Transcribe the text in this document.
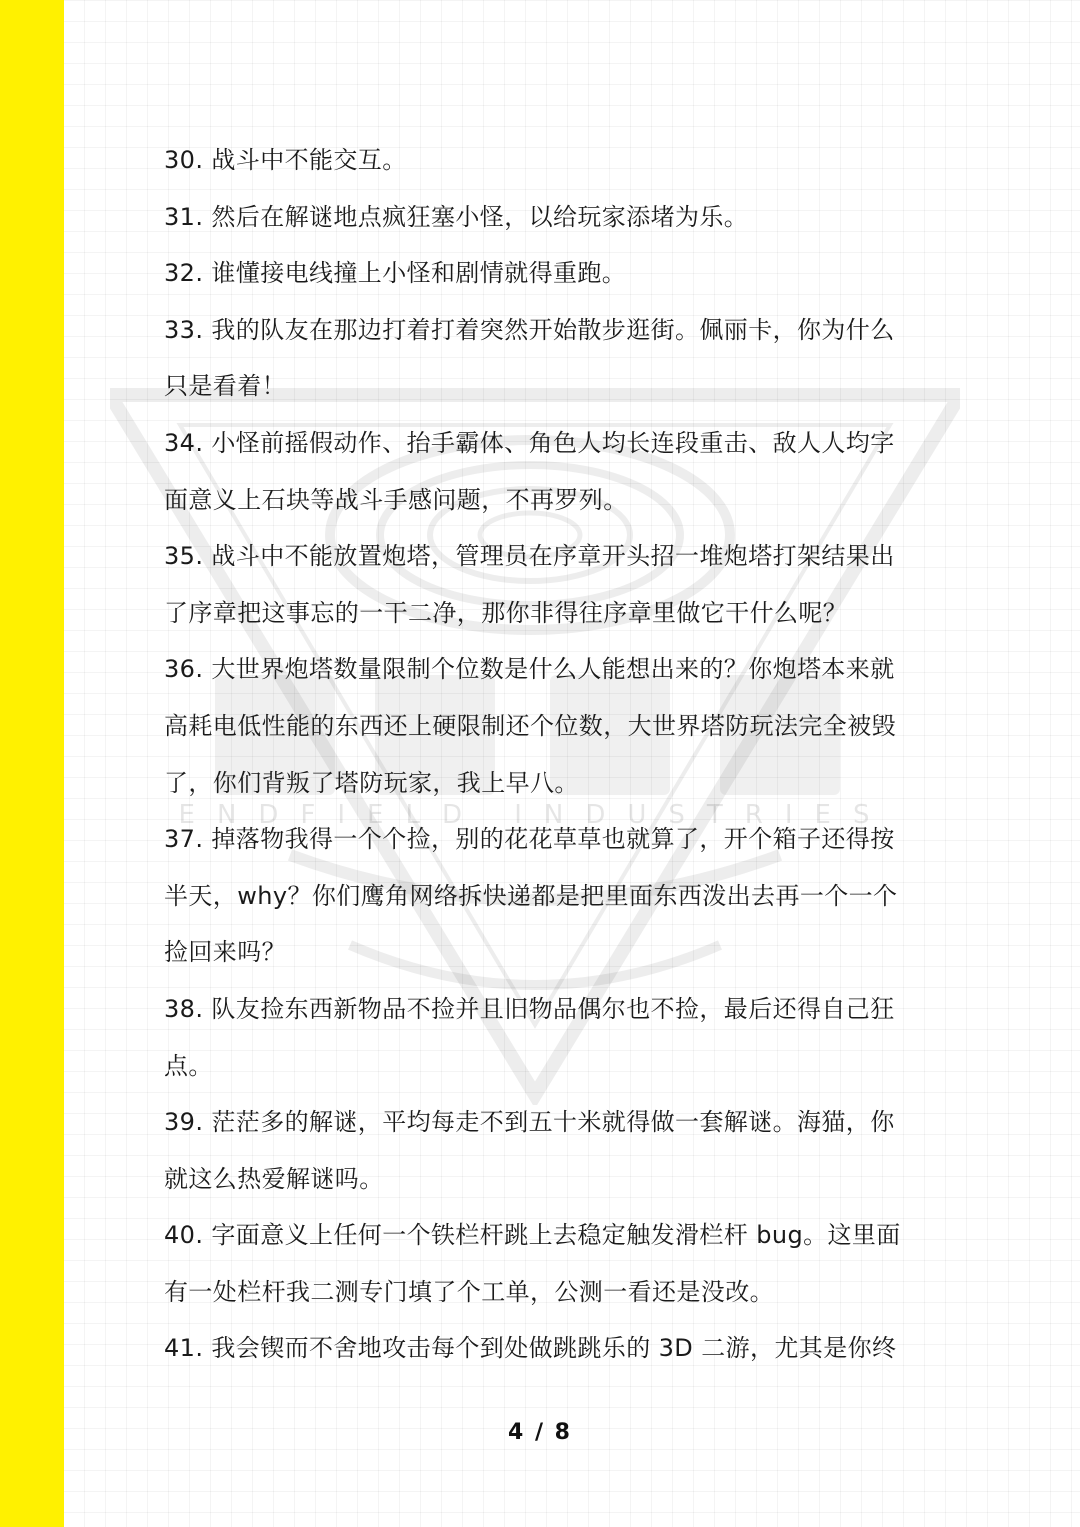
ENDFIELD INDUSTRIES
30. 战斗中不能交互。
31. 然后在解谜地点疯狂塞小怪，以给玩家添堵为乐。
32. 谁懂接电线撞上小怪和剧情就得重跑。
33. 我的队友在那边打着打着突然开始散步逛街。佩丽卡，你为什么
只是看着！
34. 小怪前摇假动作、抬手霸体、角色人均长连段重击、敌人人均字
面意义上石块等战斗手感问题，不再罗列。
35. 战斗中不能放置炮塔，管理员在序章开头招一堆炮塔打架结果出
了序章把这事忘的一干二净，那你非得往序章里做它干什么呢？
36. 大世界炮塔数量限制个位数是什么人能想出来的？你炮塔本来就
高耗电低性能的东西还上硬限制还个位数，大世界塔防玩法完全被毁
了，你们背叛了塔防玩家，我上早八。
37. 掉落物我得一个个捡，别的花花草草也就算了，开个箱子还得按
半天，why？你们鹰角网络拆快递都是把里面东西泼出去再一个一个
捡回来吗？
38. 队友捡东西新物品不捡并且旧物品偶尔也不捡，最后还得自己狂
点。
39. 茫茫多的解谜，平均每走不到五十米就得做一套解谜。海猫，你
就这么热爱解谜吗。
40. 字面意义上任何一个铁栏杆跳上去稳定触发滑栏杆 bug。这里面
有一处栏杆我二测专门填了个工单，公测一看还是没改。
41. 我会锲而不舍地攻击每个到处做跳跳乐的 3D 二游，尤其是你终
4 / 8
